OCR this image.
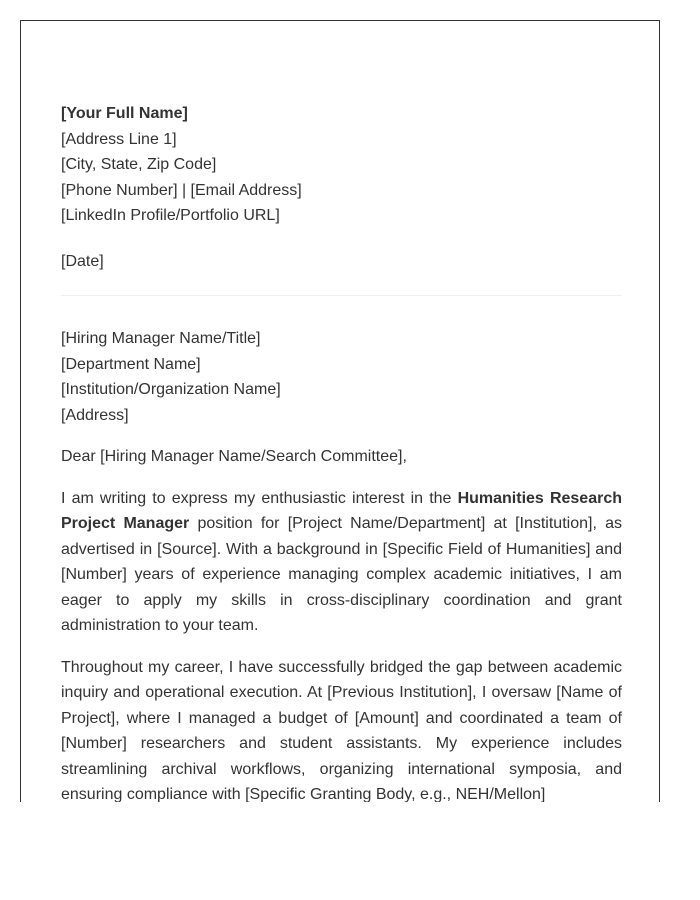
[Your Full Name]
[Address Line 1]
[City, State, Zip Code]
[Phone Number] | [Email Address]
[LinkedIn Profile/Portfolio URL]
[Date]
[Hiring Manager Name/Title]
[Department Name]
[Institution/Organization Name]
[Address]
Dear [Hiring Manager Name/Search Committee],

I am writing to express my enthusiastic interest in the Humanities Research Project Manager position for [Project Name/Department] at [Institution], as advertised in [Source]. With a background in [Specific Field of Humanities] and [Number] years of experience managing complex academic initiatives, I am eager to apply my skills in cross-disciplinary coordination and grant administration to your team.

Throughout my career, I have successfully bridged the gap between academic inquiry and operational execution. At [Previous Institution], I oversaw [Name of Project], where I managed a budget of [Amount] and coordinated a team of [Number] researchers and student assistants. My experience includes streamlining archival workflows, organizing international symposia, and ensuring compliance with [Specific Granting Body, e.g., NEH/Mellon]
